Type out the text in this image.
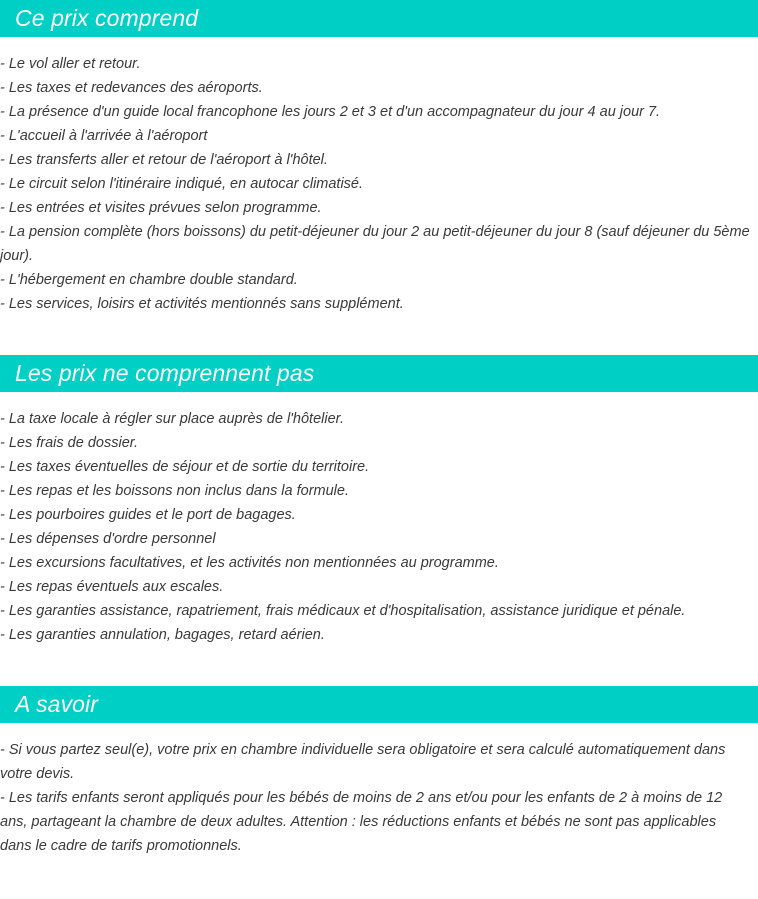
Ce prix comprend
- Le vol aller et retour.
- Les taxes et redevances des aéroports.
- La présence d'un guide local francophone les jours 2 et 3 et d'un accompagnateur du jour 4 au jour 7.
- L'accueil à l'arrivée à l'aéroport
- Les transferts aller et retour de l'aéroport à l'hôtel.
- Le circuit selon l'itinéraire indiqué, en autocar climatisé.
- Les entrées et visites prévues selon programme.
- La pension complète (hors boissons) du petit-déjeuner du jour 2 au petit-déjeuner du jour 8 (sauf déjeuner du 5ème jour).
- L'hébergement en chambre double standard.
- Les services, loisirs et activités mentionnés sans supplément.
Les prix ne comprennent pas
- La taxe locale à régler sur place auprès de l'hôtelier.
- Les frais de dossier.
- Les taxes éventuelles de séjour et de sortie du territoire.
- Les repas et les boissons non inclus dans la formule.
- Les pourboires guides et le port de bagages.
- Les dépenses d'ordre personnel
- Les excursions facultatives, et les activités non mentionnées au programme.
- Les repas éventuels aux escales.
- Les garanties assistance, rapatriement, frais médicaux et d'hospitalisation, assistance juridique et pénale.
- Les garanties annulation, bagages, retard aérien.
A savoir
- Si vous partez seul(e), votre prix en chambre individuelle sera obligatoire et sera calculé automatiquement dans votre devis.
- Les tarifs enfants seront appliqués pour les bébés de moins de 2 ans et/ou pour les enfants de 2 à moins de 12 ans, partageant la chambre de deux adultes. Attention : les réductions enfants et bébés ne sont pas applicables dans le cadre de tarifs promotionnels.
